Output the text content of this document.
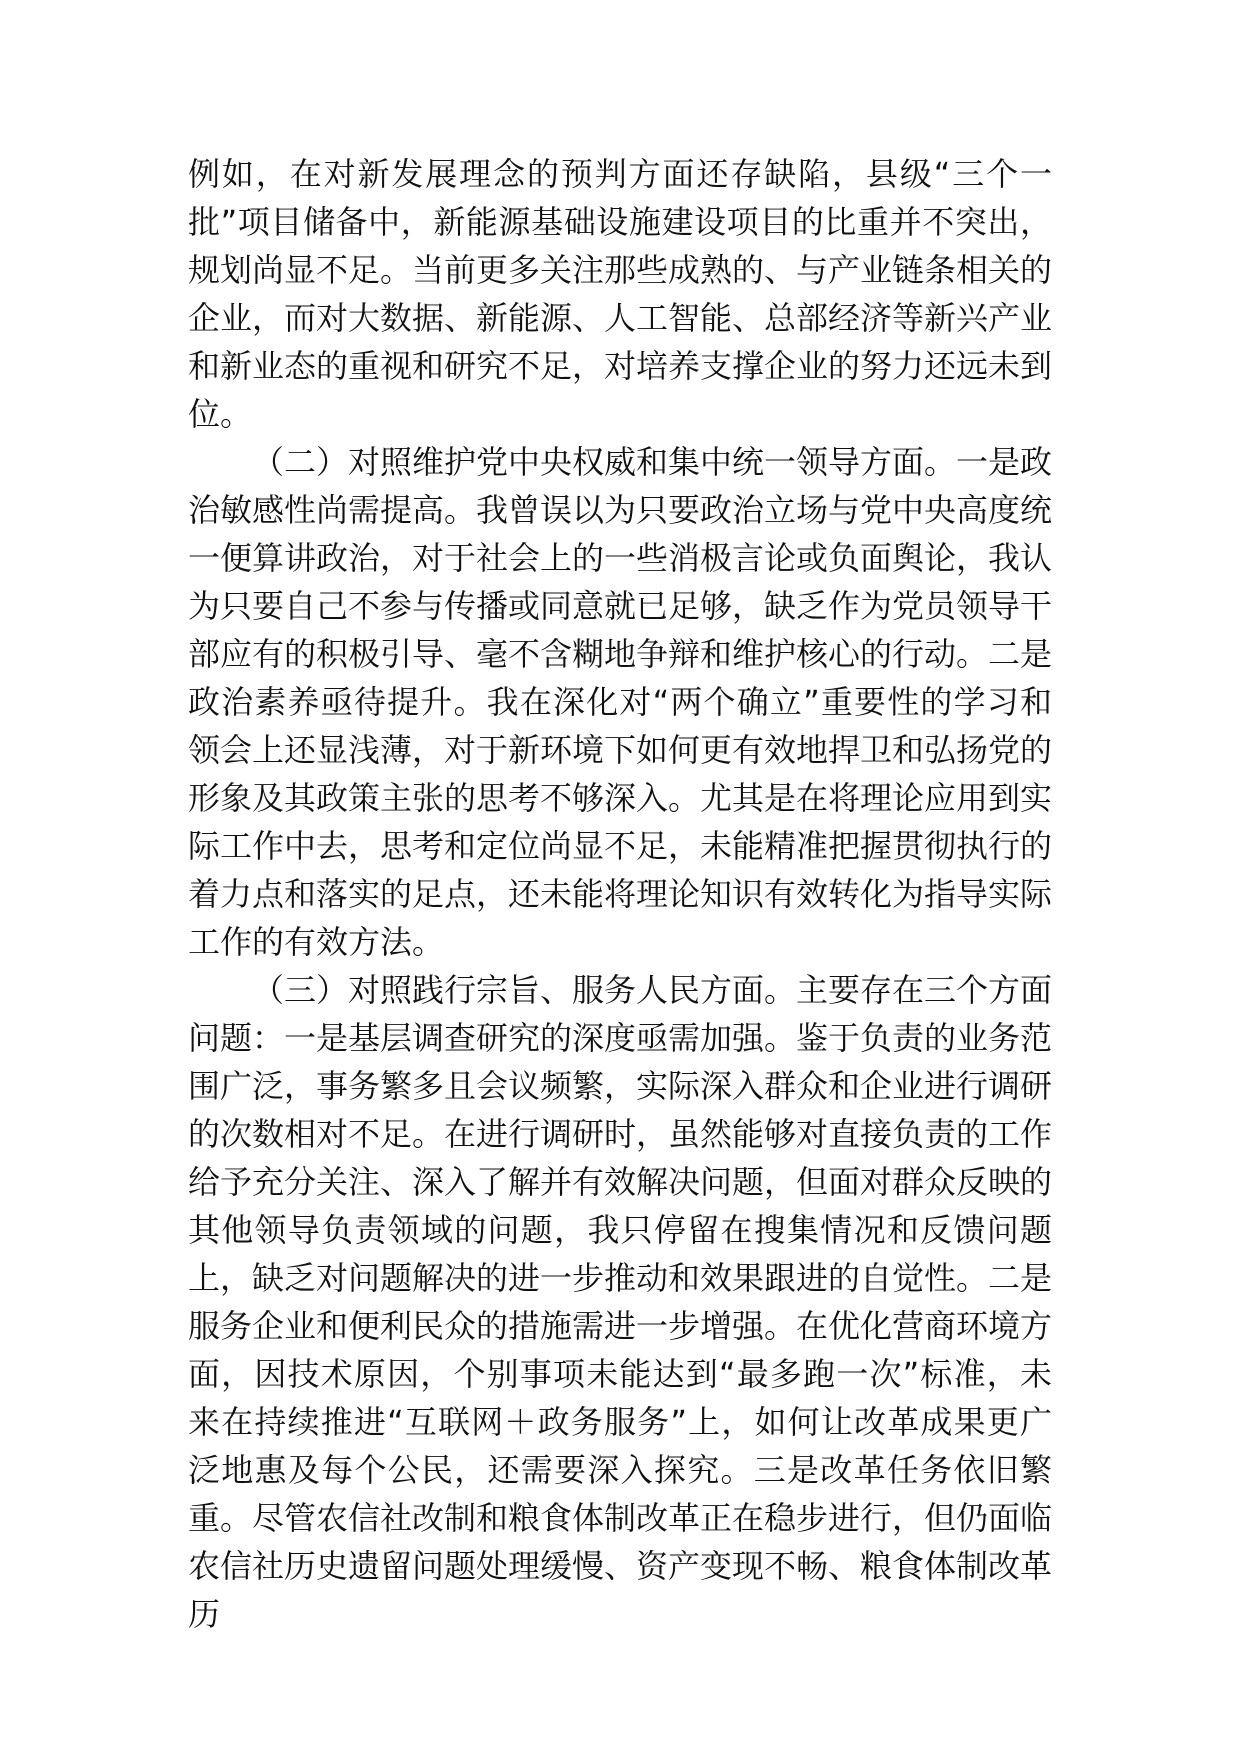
例如，在对新发展理念的预判方面还存缺陷，县级“三个一批”项目储备中，新能源基础设施建设项目的比重并不突出，规划尚显不足。当前更多关注那些成熟的、与产业链条相关的企业，而对大数据、新能源、人工智能、总部经济等新兴产业和新业态的重视和研究不足，对培养支撑企业的努力还远未到位。

（二）对照维护党中央权威和集中统一领导方面。一是政治敏感性尚需提高。我曾误以为只要政治立场与党中央高度统一便算讲政治，对于社会上的一些消极言论或负面舆论，我认为只要自己不参与传播或同意就已足够，缺乏作为党员领导干部应有的积极引导、毫不含糊地争辩和维护核心的行动。二是政治素养亟待提升。我在深化对“两个确立”重要性的学习和领会上还显浅薄，对于新环境下如何更有效地捍卫和弘扬党的形象及其政策主张的思考不够深入。尤其是在将理论应用到实际工作中去，思考和定位尚显不足，未能精准把握贯彻执行的着力点和落实的足点，还未能将理论知识有效转化为指导实际工作的有效方法。

（三）对照践行宗旨、服务人民方面。主要存在三个方面问题：一是基层调查研究的深度亟需加强。鉴于负责的业务范围广泛，事务繁多且会议频繁，实际深入群众和企业进行调研的次数相对不足。在进行调研时，虽然能够对直接负责的工作给予充分关注、深入了解并有效解决问题，但面对群众反映的其他领导负责领域的问题，我只停留在搜集情况和反馈问题上，缺乏对问题解决的进一步推动和效果跟进的自觉性。二是服务企业和便利民众的措施需进一步增强。在优化营商环境方面，因技术原因，个别事项未能达到“最多跑一次”标准，未来在持续推进“互联网＋政务服务”上，如何让改革成果更广泛地惠及每个公民，还需要深入探究。三是改革任务依旧繁重。尽管农信社改制和粮食体制改革正在稳步进行，但仍面临农信社历史遗留问题处理缓慢、资产变现不畅、粮食体制改革历
